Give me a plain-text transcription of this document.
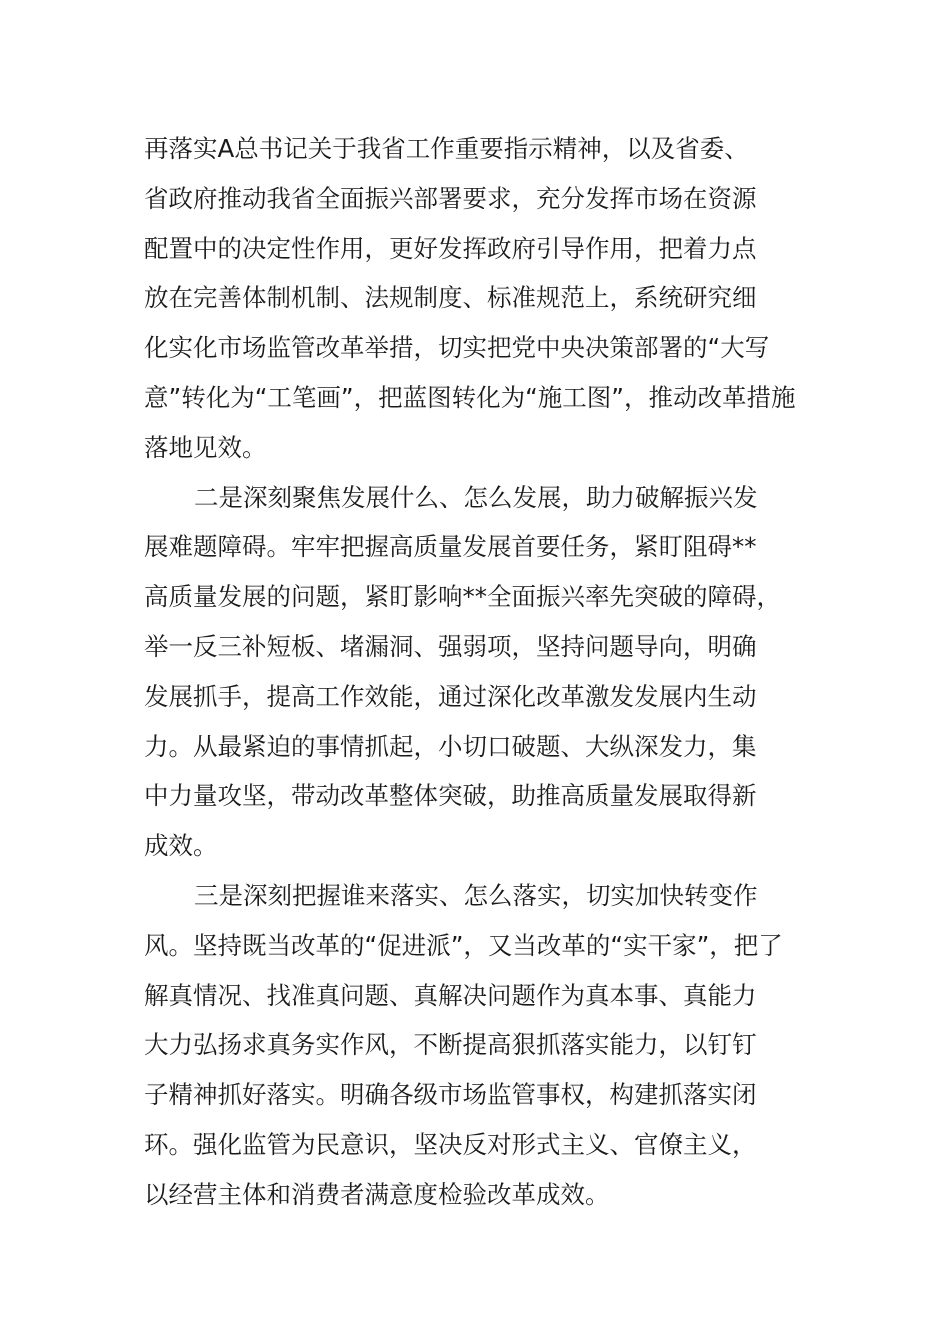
再落实A总书记关于我省工作重要指示精神，以及省委、
省政府推动我省全面振兴部署要求，充分发挥市场在资源
配置中的决定性作用，更好发挥政府引导作用，把着力点
放在完善体制机制、法规制度、标准规范上，系统研究细
化实化市场监管改革举措，切实把党中央决策部署的“大写
意”转化为“工笔画”，把蓝图转化为“施工图”，推动改革措施
落地见效。
二是深刻聚焦发展什么、怎么发展，助力破解振兴发
展难题障碍。牢牢把握高质量发展首要任务，紧盯阻碍**
高质量发展的问题，紧盯影响**全面振兴率先突破的障碍，
举一反三补短板、堵漏洞、强弱项，坚持问题导向，明确
发展抓手，提高工作效能，通过深化改革激发发展内生动
力。从最紧迫的事情抓起，小切口破题、大纵深发力，集
中力量攻坚，带动改革整体突破，助推高质量发展取得新
成效。
三是深刻把握谁来落实、怎么落实，切实加快转变作
风。坚持既当改革的“促进派”，又当改革的“实干家”，把了
解真情况、找准真问题、真解决问题作为真本事、真能力
大力弘扬求真务实作风，不断提高狠抓落实能力，以钉钉
子精神抓好落实。明确各级市场监管事权，构建抓落实闭
环。强化监管为民意识，坚决反对形式主义、官僚主义，
以经营主体和消费者满意度检验改革成效。
